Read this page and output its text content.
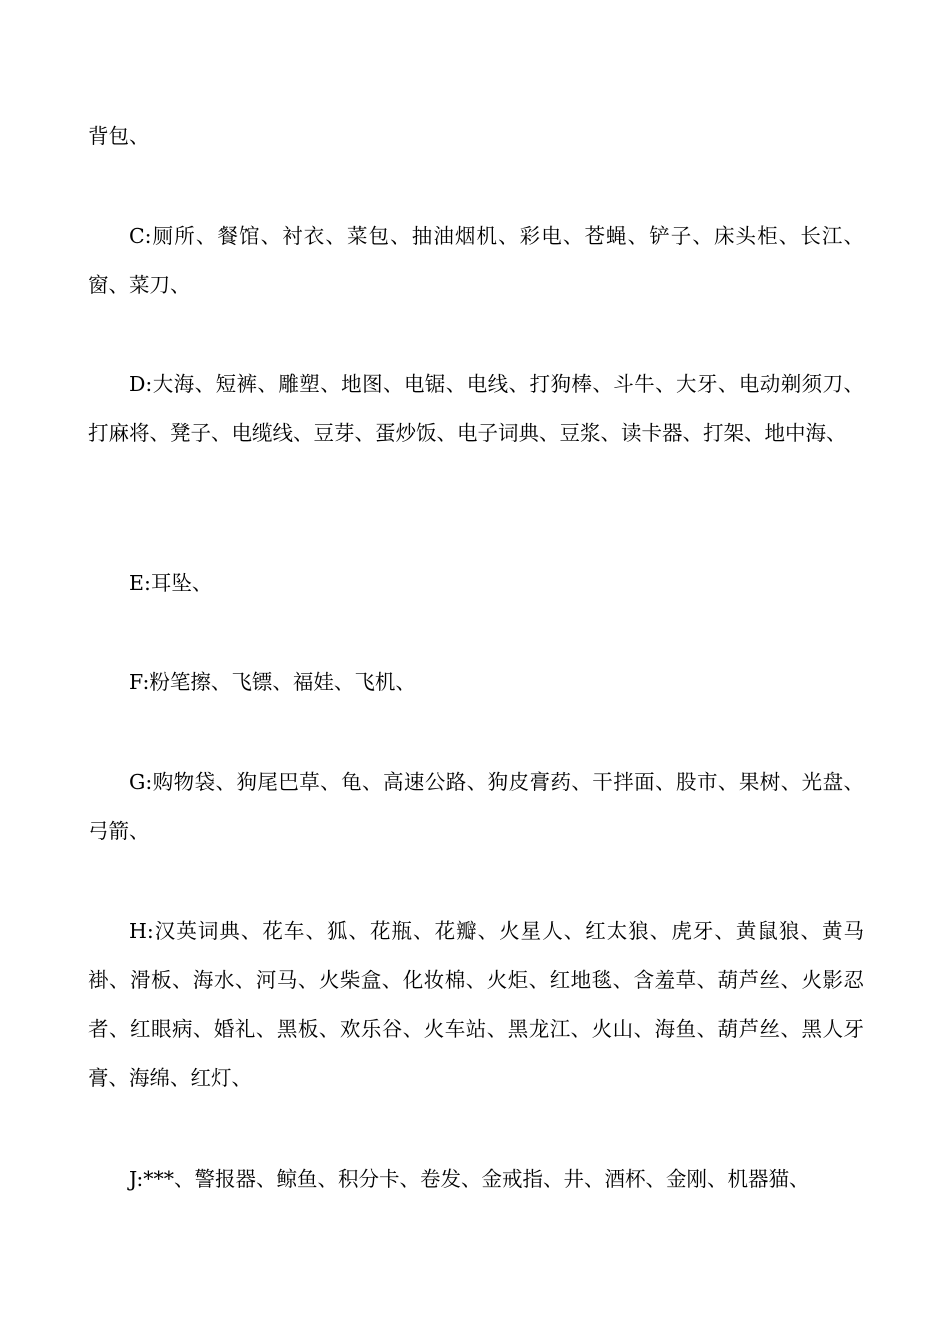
背包、

C:厕所、餐馆、衬衣、菜包、抽油烟机、彩电、苍蝇、铲子、床头柜、长江、窗、菜刀、

D:大海、短裤、雕塑、地图、电锯、电线、打狗棒、斗牛、大牙、电动剃须刀、打麻将、凳子、电缆线、豆芽、蛋炒饭、电子词典、豆浆、读卡器、打架、地中海、

E:耳坠、

F:粉笔擦、飞镖、福娃、飞机、

G:购物袋、狗尾巴草、龟、高速公路、狗皮膏药、干拌面、股市、果树、光盘、弓箭、

H:汉英词典、花车、狐、花瓶、花瓣、火星人、红太狼、虎牙、黄鼠狼、黄马褂、滑板、海水、河马、火柴盒、化妆棉、火炬、红地毯、含羞草、葫芦丝、火影忍者、红眼病、婚礼、黑板、欢乐谷、火车站、黑龙江、火山、海鱼、葫芦丝、黑人牙膏、海绵、红灯、

J:***、警报器、鲸鱼、积分卡、卷发、金戒指、井、酒杯、金刚、机器猫、
